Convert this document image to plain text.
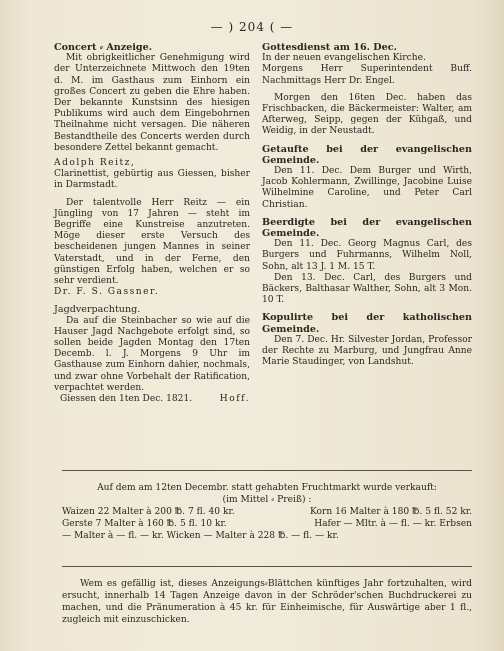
— ) 204 ( —

Concert ⸗ Anzeige.

Mit obrigkeitlicher Genehmigung wird der Unterzeichnete Mittwoch den 19ten d. M. im Gasthaus zum Einhorn ein großes Concert zu geben die Ehre haben. Der bekannte Kunstsinn des hiesigen Publikums wird auch dem Eingebohrnen Theilnahme nicht versagen. Die näheren Bestandtheile des Concerts werden durch besondere Zettel bekannt gemacht.

Adolph Reitz,

Clarinettist, gebürtig aus Giessen, bisher in Darmstadt.

Der talentvolle Herr Reitz — ein Jüngling von 17 Jahren — steht im Begriffe eine Kunstreise anzutreten. Möge dieser erste Versuch des bescheidenen jungen Mannes in seiner Vaterstadt, und in der Ferne, den günstigen Erfolg haben, welchen er so sehr verdient.

Dr. F. S. Gassner.

Jagdverpachtung.

Da auf die Steinbacher so wie auf die Hauser Jagd Nachgebote erfolgt sind, so sollen beide Jagden Montag den 17ten Decemb. l. J. Morgens 9 Uhr im Gasthause zum Einhorn dahier, nochmals, und zwar ohne Vorbehalt der Ratification, verpachtet werden.

Giessen den 1ten Dec. 1821.	Hoff.

Gottesdienst am 16. Dec.

In der neuen evangelischen Kirche.

Morgens Herr Superintendent Buff. Nachmittags Herr Dr. Engel.

Morgen den 16ten Dec. haben das Frischbacken, die Bäckermeister: Walter, am Afterweg, Seipp, gegen der Kühgaß, und Weidig, in der Neustadt.

Getaufte bei der evangelischen Gemeinde.

Den 11. Dec. Dem Burger und Wirth, Jacob Kohlermann, Zwillinge, Jacobine Luise Wilhelmine Caroline, und Peter Carl Christian.

Beerdigte bei der evangelischen Gemeinde.

Den 11. Dec. Georg Magnus Carl, des Burgers und Fuhrmanns, Wilhelm Noll, Sohn, alt 13 J. 1 M. 15 T.

Den 13. Dec. Carl, des Burgers und Bäckers, Balthasar Walther, Sohn, alt 3 Mon. 10 T.

Kopulirte bei der katholischen Gemeinde.

Den 7. Dec. Hr. Silvester Jordan, Professor der Rechte zu Marburg, und Jungfrau Anne Marie Staudinger, von Landshut.

Auf dem am 12ten Decembr. statt gehabten Fruchtmarkt wurde verkauft:

(im Mittel ⸗ Preiß) :

Waizen 22 Malter à 200 ℔. 7 fl. 40 kr.	Korn 16 Malter à 180 ℔. 5 fl. 52 kr.

Gerste 7 Malter à 160 ℔. 5 fl. 10 kr.	Hafer — Mltr. à — fl. — kr. Erbsen

— Malter à — fl. — kr. Wicken — Malter à 228 ℔. — fl. — kr.

Wem es gefällig ist, dieses Anzeigungs⸗Blättchen künftiges Jahr fortzuhalten, wird ersucht, innerhalb 14 Tagen Anzeige davon in der Schröder'schen Buchdruckerei zu machen, und die Pränumeration à 45 kr. für Einheimische, für Auswärtige aber 1 fl., zugleich mit einzuschicken.
